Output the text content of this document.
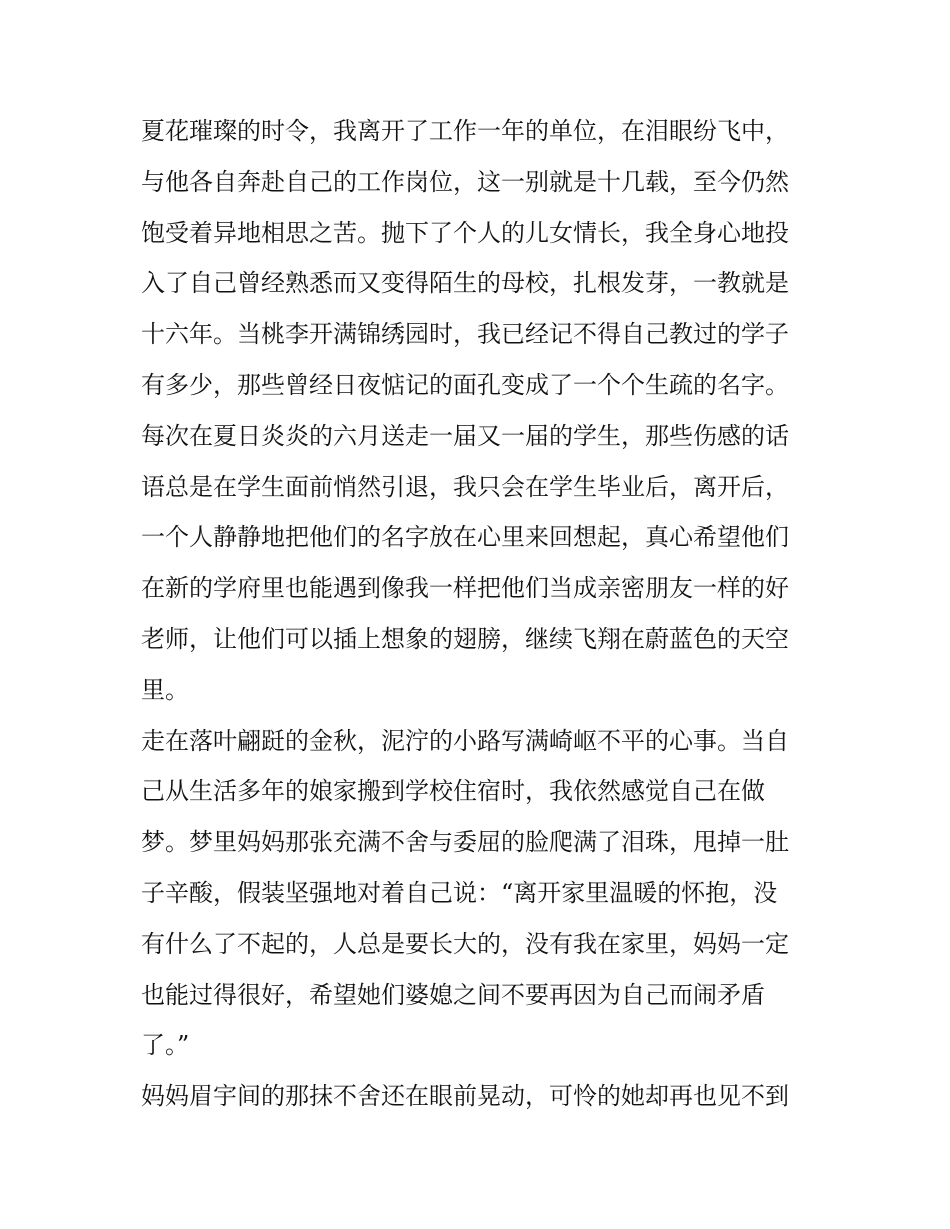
夏花璀璨的时令，我离开了工作一年的单位，在泪眼纷飞中，
与他各自奔赴自己的工作岗位，这一别就是十几载，至今仍然
饱受着异地相思之苦。抛下了个人的儿女情长，我全身心地投
入了自己曾经熟悉而又变得陌生的母校，扎根发芽，一教就是
十六年。当桃李开满锦绣园时，我已经记不得自己教过的学子
有多少，那些曾经日夜惦记的面孔变成了一个个生疏的名字。
每次在夏日炎炎的六月送走一届又一届的学生，那些伤感的话
语总是在学生面前悄然引退，我只会在学生毕业后，离开后，
一个人静静地把他们的名字放在心里来回想起，真心希望他们
在新的学府里也能遇到像我一样把他们当成亲密朋友一样的好
老师，让他们可以插上想象的翅膀，继续飞翔在蔚蓝色的天空
里。
走在落叶翩跹的金秋，泥泞的小路写满崎岖不平的心事。当自
己从生活多年的娘家搬到学校住宿时，我依然感觉自己在做
梦。梦里妈妈那张充满不舍与委屈的脸爬满了泪珠，甩掉一肚
子辛酸，假装坚强地对着自己说：“离开家里温暖的怀抱，没
有什么了不起的，人总是要长大的，没有我在家里，妈妈一定
也能过得很好，希望她们婆媳之间不要再因为自己而闹矛盾
了。”
妈妈眉宇间的那抹不舍还在眼前晃动，可怜的她却再也见不到
